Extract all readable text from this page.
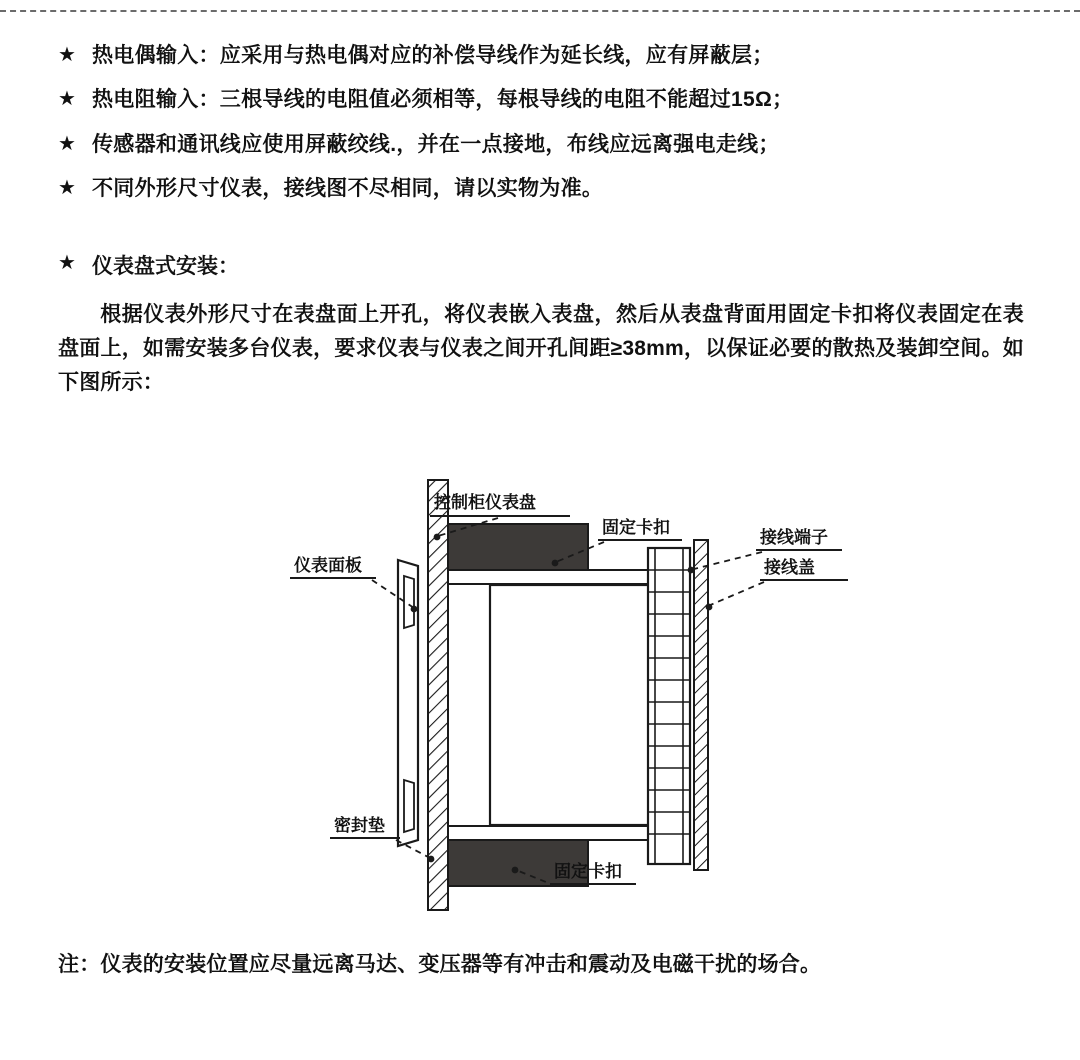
★ 热电偶输入：应采用与热电偶对应的补偿导线作为延长线，应有屏蔽层；
★ 热电阻输入：三根导线的电阻值必须相等，每根导线的电阻不能超过15Ω；
★ 传感器和通讯线应使用屏蔽绞线.，并在一点接地，布线应远离强电走线；
★ 不同外形尺寸仪表，接线图不尽相同，请以实物为准。
★ 仪表盘式安装：
根据仪表外形尺寸在表盘面上开孔，将仪表嵌入表盘，然后从表盘背面用固定卡扣将仪表固定在表盘面上，如需安装多台仪表，要求仪表与仪表之间开孔间距≥38mm，以保证必要的散热及装卸空间。如下图所示：
控制柜仪表盘
固定卡扣
接线端子
仪表面板	接线盖
密封垫
固定卡扣
注：仪表的安装位置应尽量远离马达、变压器等有冲击和震动及电磁干扰的场合。
